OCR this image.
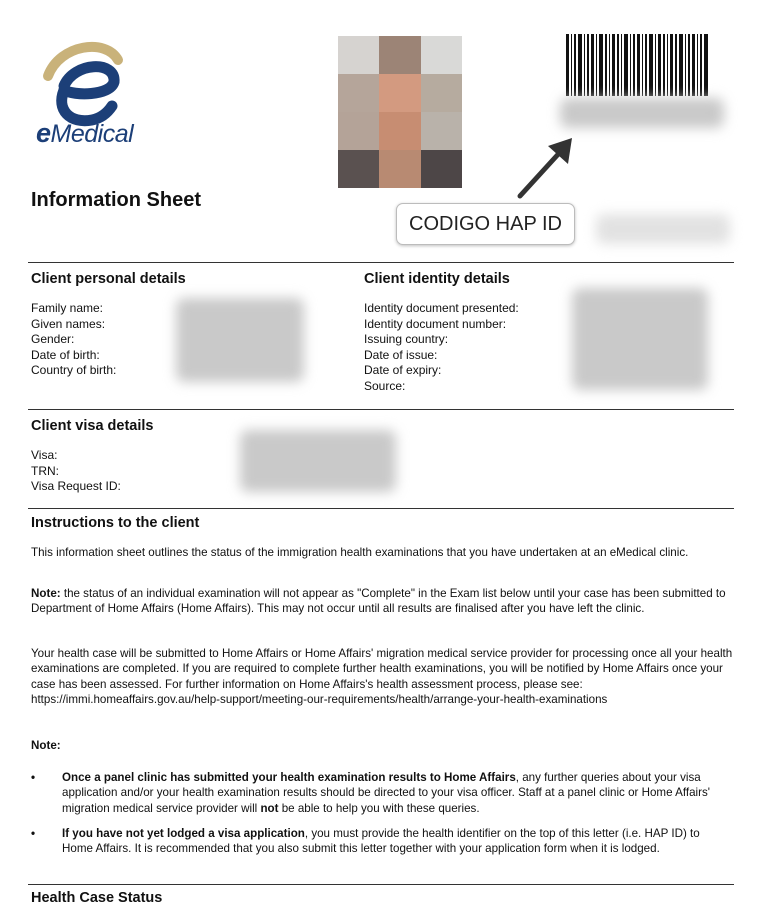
eMedical
CODIGO HAP ID
Information Sheet
Client personal details
Family name:
Given names:
Gender:
Date of birth:
Country of birth:
Client identity details
Identity document presented:
Identity document number:
Issuing country:
Date of issue:
Date of expiry:
Source:
Client visa details
Visa:
TRN:
Visa Request ID:
Instructions to the client
This information sheet outlines the status of the immigration health examinations that you have undertaken at an eMedical clinic.
Note: the status of an individual examination will not appear as "Complete" in the Exam list below until your case has been submitted to Department of Home Affairs (Home Affairs). This may not occur until all results are finalised after you have left the clinic.
Your health case will be submitted to Home Affairs or Home Affairs' migration medical service provider for processing once all your health examinations are completed. If you are required to complete further health examinations, you will be notified by Home Affairs once your case has been assessed. For further information on Home Affairs's health assessment process, please see: https://immi.homeaffairs.gov.au/help-support/meeting-our-requirements/health/arrange-your-health-examinations
Note:
• Once a panel clinic has submitted your health examination results to Home Affairs, any further queries about your visa application and/or your health examination results should be directed to your visa officer. Staff at a panel clinic or Home Affairs' migration medical service provider will not be able to help you with these queries.
• If you have not yet lodged a visa application, you must provide the health identifier on the top of this letter (i.e. HAP ID) to Home Affairs. It is recommended that you also submit this letter together with your application form when it is lodged.
Health Case Status
